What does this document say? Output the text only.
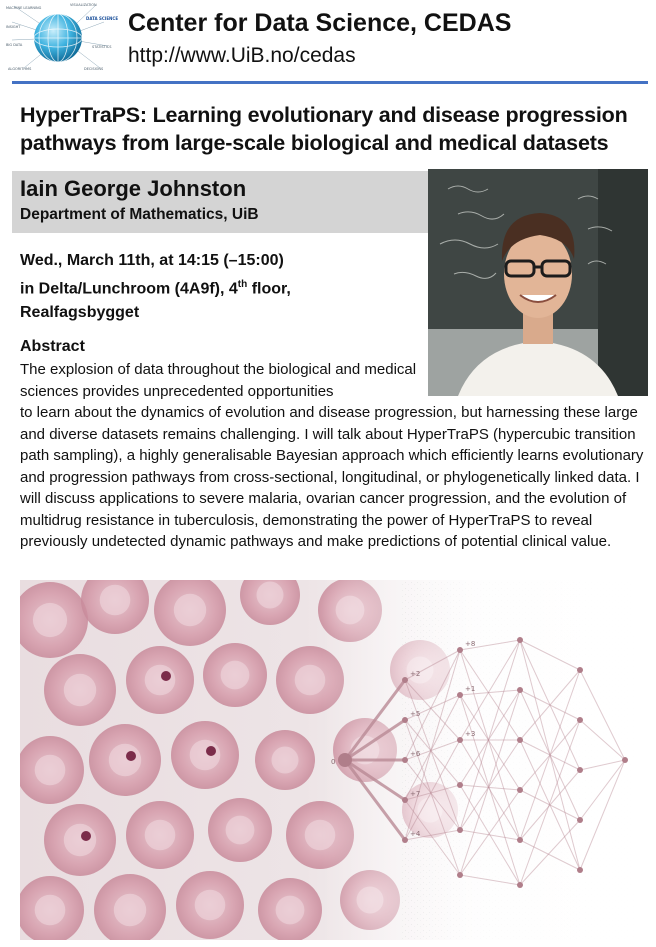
MACHINE LEARNING
VISUALIZATION
DATA SCIENCE
INSIGHT
STATISTICS
BIG DATA
ALGORITHMS	DECISIONS
Center for Data Science, CEDAS
http://www.UiB.no/cedas
HyperTraPS: Learning evolutionary and disease progression pathways from large-scale biological and medical datasets
Iain George Johnston
Department of Mathematics, UiB
Wed., March 11th, at 14:15 (–15:00)
in Delta/Lunchroom (4A9f), 4th floor,
Realfagsbygget
Abstract
The explosion of data throughout the biological and medical sciences provides unprecedented opportunities
to learn about the dynamics of evolution and disease progression, but harnessing these large and diverse datasets remains challenging. I will talk about HyperTraPS (hypercubic transition path sampling), a highly generalisable Bayesian approach which efficiently learns evolutionary and progression pathways from cross-sectional, longitudinal, or phylogenetically linked data. I will discuss applications to severe malaria, ovarian cancer progression, and the evolution of multidrug resistance in tuberculosis, demonstrating the power of HyperTraPS to reveal previously undetected dynamic pathways and make predictions of potential clinical value.
0
+2
+5
+6
+7
+4
+8
+1
+3
